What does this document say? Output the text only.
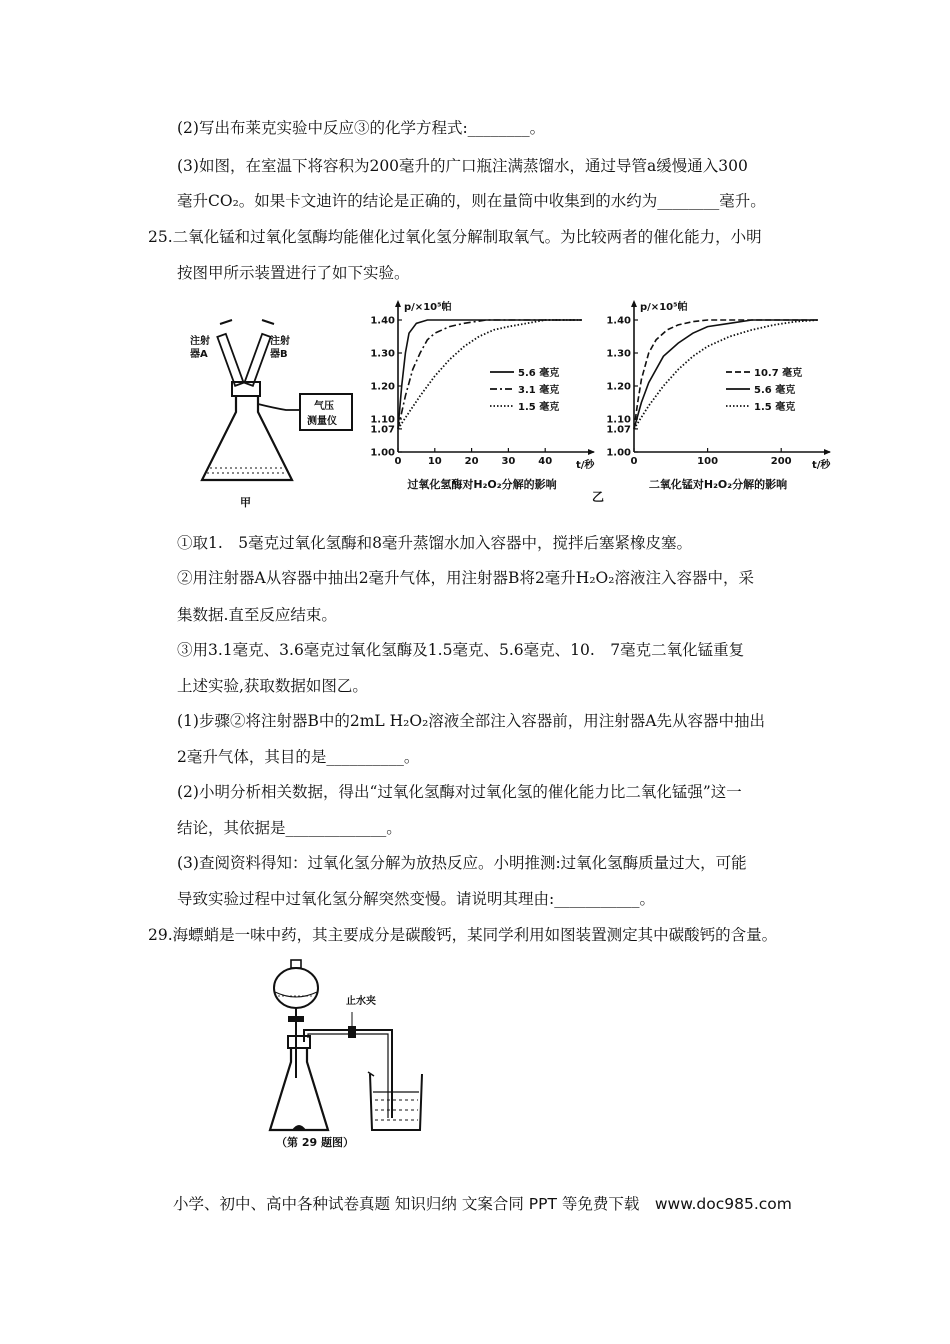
(2)写出布莱克实验中反应③的化学方程式:________。
(3)如图，在室温下将容积为200毫升的广口瓶注满蒸馏水，通过导管a缓慢通入300
毫升CO₂。如果卡文迪许的结论是正确的，则在量筒中收集到的水约为________毫升。
25.二氧化锰和过氧化氢酶均能催化过氧化氢分解制取氧气。为比较两者的催化能力，小明
按图甲所示装置进行了如下实验。
注射
器A
注射
器B
气压
测量仪
甲
p/×10⁵帕
t/秒
1.00
1.07
1.10
1.20
1.30
1.40
0	10 20 30 40
5.6 毫克
3.1 毫克
1.5 毫克
过氧化氢酶对H₂O₂分解的影响
p/×10⁵帕
t/秒
1.00
1.07
1.10
1.20
1.30
1.40
0	100	200
10.7 毫克
5.6 毫克
1.5 毫克
二氧化锰对H₂O₂分解的影响
乙
①取1.　5毫克过氧化氢酶和8毫升蒸馏水加入容器中，搅拌后塞紧橡皮塞。
②用注射器A从容器中抽出2毫升气体，用注射器B将2毫升H₂O₂溶液注入容器中，采
集数据.直至反应结束。
③用3.1毫克、3.6毫克过氧化氢酶及1.5毫克、5.6毫克、10.　7毫克二氧化锰重复
上述实验,获取数据如图乙。
(1)步骤②将注射器B中的2mL H₂O₂溶液全部注入容器前，用注射器A先从容器中抽出
2毫升气体，其目的是__________。
(2)小明分析相关数据，得出“过氧化氢酶对过氧化氢的催化能力比二氧化锰强”这一
结论，其依据是_____________。
(3)查阅资料得知：过氧化氢分解为放热反应。小明推测:过氧化氢酶质量过大，可能
导致实验过程中过氧化氢分解突然变慢。请说明其理由:___________。
29.海螵蛸是一味中药，其主要成分是碳酸钙，某同学利用如图装置测定其中碳酸钙的含量。
止水夹
（第 29 题图）
小学、初中、高中各种试卷真题 知识归纳 文案合同 PPT 等免费下载　www.doc985.com
